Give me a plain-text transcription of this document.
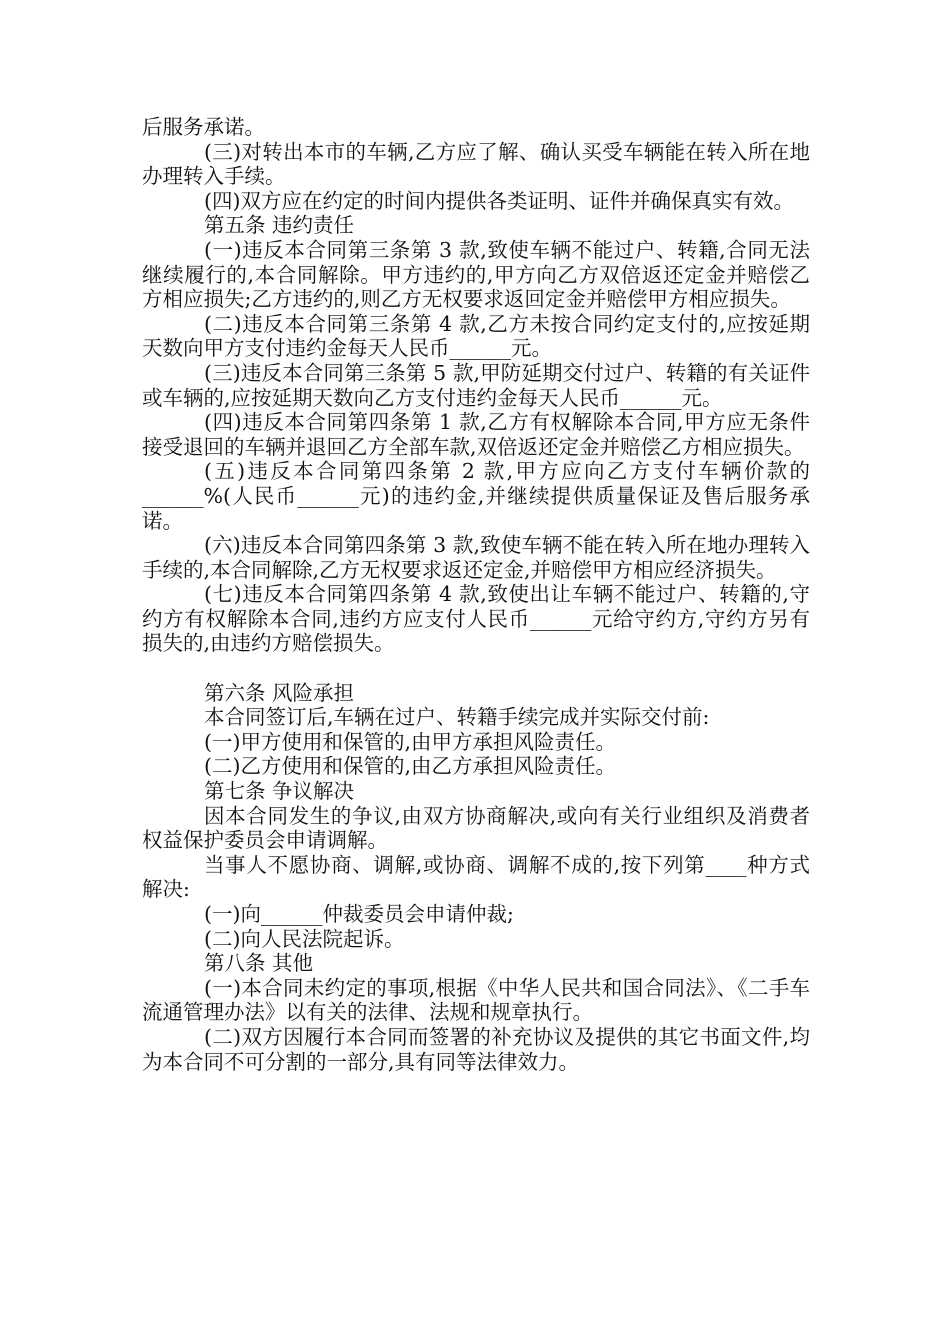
后服务承诺。

(三)对转出本市的车辆,乙方应了解、确认买受车辆能在转入所在地办理转入手续。

(四)双方应在约定的时间内提供各类证明、证件并确保真实有效。

第五条 违约责任

(一)违反本合同第三条第 3 款,致使车辆不能过户、转籍,合同无法继续履行的,本合同解除。甲方违约的,甲方向乙方双倍返还定金并赔偿乙方相应损失;乙方违约的,则乙方无权要求返回定金并赔偿甲方相应损失。

(二)违反本合同第三条第 4 款,乙方未按合同约定支付的,应按延期天数向甲方支付违约金每天人民币______元。

(三)违反本合同第三条第 5 款,甲防延期交付过户、转籍的有关证件或车辆的,应按延期天数向乙方支付违约金每天人民币______元。

(四)违反本合同第四条第 1 款,乙方有权解除本合同,甲方应无条件接受退回的车辆并退回乙方全部车款,双倍返还定金并赔偿乙方相应损失。

(五)违反本合同第四条第 2 款,甲方应向乙方支付车辆价款的______%(人民币______元)的违约金,并继续提供质量保证及售后服务承诺。

(六)违反本合同第四条第 3 款,致使车辆不能在转入所在地办理转入手续的,本合同解除,乙方无权要求返还定金,并赔偿甲方相应经济损失。

(七)违反本合同第四条第 4 款,致使出让车辆不能过户、转籍的,守约方有权解除本合同,违约方应支付人民币______元给守约方,守约方另有损失的,由违约方赔偿损失。

第六条 风险承担

本合同签订后,车辆在过户、转籍手续完成并实际交付前:

(一)甲方使用和保管的,由甲方承担风险责任。

(二)乙方使用和保管的,由乙方承担风险责任。

第七条 争议解决

因本合同发生的争议,由双方协商解决,或向有关行业组织及消费者权益保护委员会申请调解。

当事人不愿协商、调解,或协商、调解不成的,按下列第____种方式解决:

(一)向______仲裁委员会申请仲裁;

(二)向人民法院起诉。

第八条 其他

(一)本合同未约定的事项,根据《中华人民共和国合同法》、《二手车流通管理办法》以有关的法律、法规和规章执行。

(二)双方因履行本合同而签署的补充协议及提供的其它书面文件,均为本合同不可分割的一部分,具有同等法律效力。
